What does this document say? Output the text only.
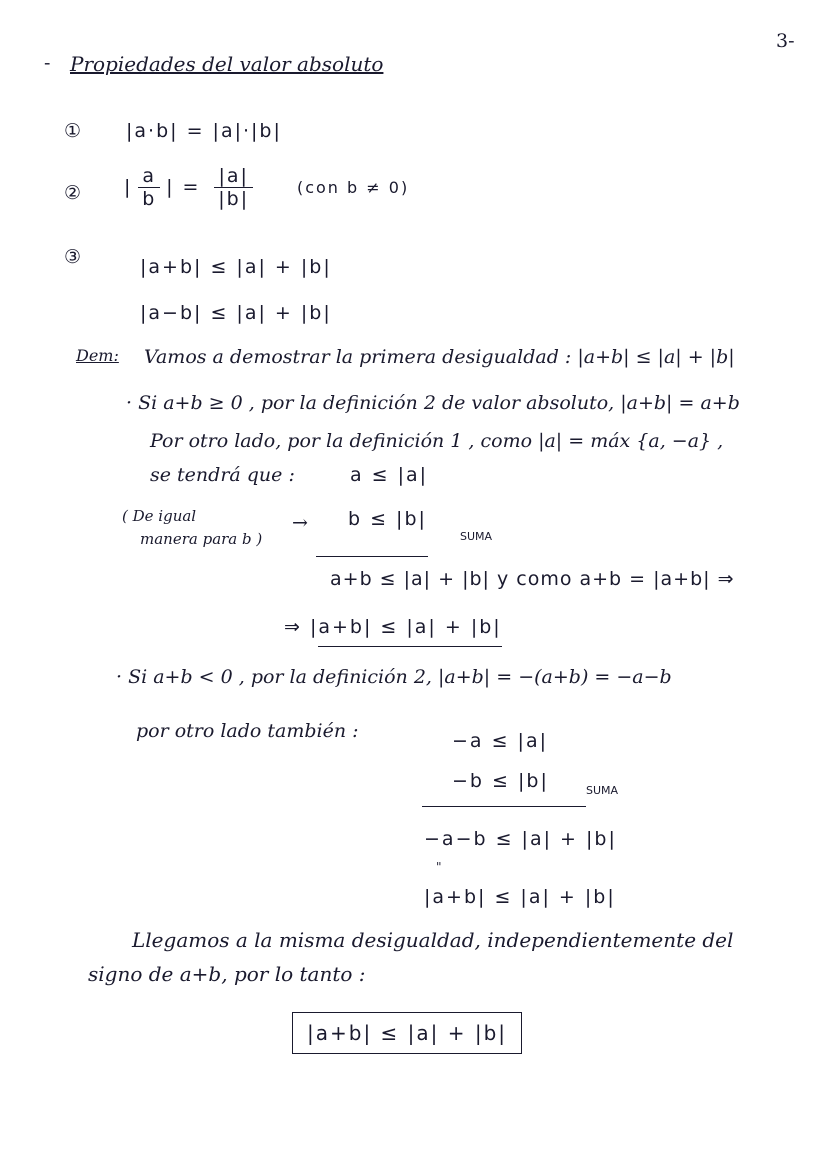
3-
- Propiedades del valor absoluto
① |a·b| = |a|·|b|
② | $\frac{a}{b}$ | = $\frac{|a|}{|b|}$	(con b ≠ 0)
③	|a+b| ≤ |a| + |b|
|a−b| ≤ |a| + |b|
Dem: Vamos a demostrar la primera desigualdad : |a+b| ≤ |a| + |b|
· Si a+b ≥ 0 , por la definición 2 de valor absoluto, |a+b| = a+b
Por otro lado, por la definición 1 , como |a| = máx {a, −a} ,
se tendrá que :	a ≤ |a|
( De igual
manera para b )
→ b ≤ |b|
SUMA
a+b ≤ |a| + |b| y como a+b = |a+b| ⇒
⇒ |a+b| ≤ |a| + |b|
· Si a+b < 0 , por la definición 2, |a+b| = −(a+b) = −a−b
por otro lado también :	−a ≤ |a|
−b ≤ |b|	SUMA
−a−b ≤ |a| + |b|
"
|a+b| ≤ |a| + |b|
Llegamos a la misma desigualdad, independientemente del
signo de a+b, por lo tanto :
|a+b| ≤ |a| + |b|
